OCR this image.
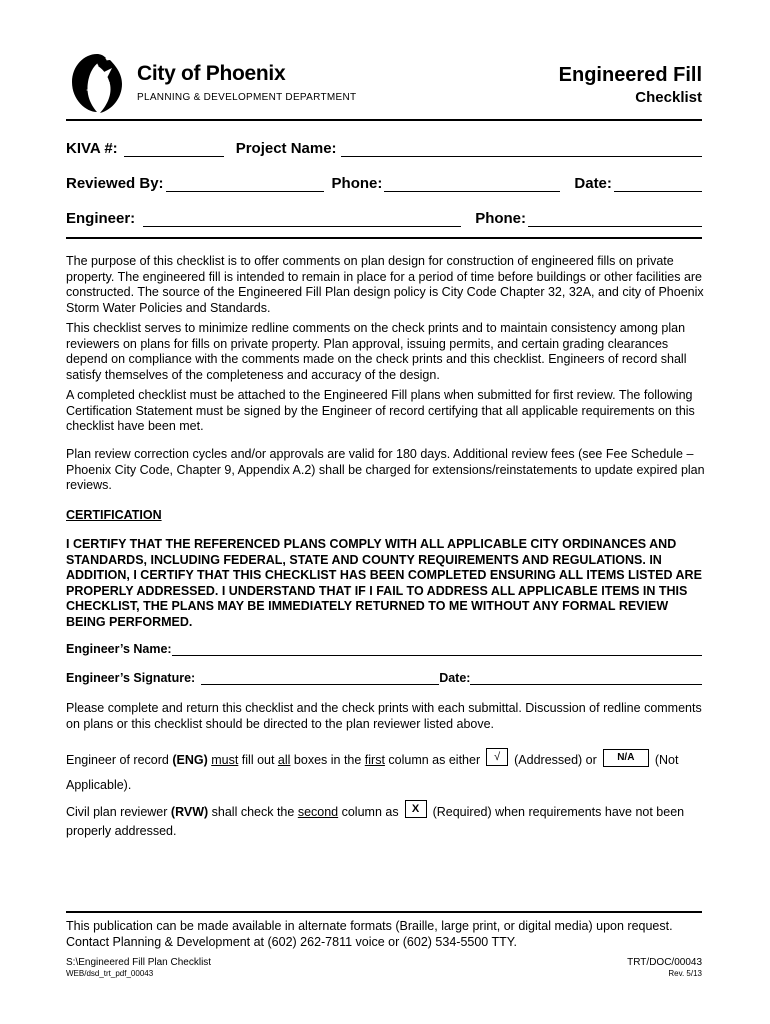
City of Phoenix
PLANNING & DEVELOPMENT DEPARTMENT
Engineered Fill
Checklist
KIVA #:	Project Name:
Reviewed By:	Phone:	Date:
Engineer:	Phone:
The purpose of this checklist is to offer comments on plan design for construction of engineered fills on private property. The engineered fill is intended to remain in place for a period of time before buildings or other facilities are constructed. The source of the Engineered Fill Plan design policy is City Code Chapter 32, 32A, and city of Phoenix Storm Water Policies and Standards.
This checklist serves to minimize redline comments on the check prints and to maintain consistency among plan reviewers on plans for fills on private property. Plan approval, issuing permits, and certain grading clearances depend on compliance with the comments made on the check prints and this checklist. Engineers of record shall satisfy themselves of the completeness and accuracy of the design.
A completed checklist must be attached to the Engineered Fill plans when submitted for first review. The following Certification Statement must be signed by the Engineer of record certifying that all applicable requirements on this checklist have been met.
Plan review correction cycles and/or approvals are valid for 180 days. Additional review fees (see Fee Schedule – Phoenix City Code, Chapter 9, Appendix A.2) shall be charged for extensions/reinstatements to update expired plan reviews.
CERTIFICATION
I CERTIFY THAT THE REFERENCED PLANS COMPLY WITH ALL APPLICABLE CITY ORDINANCES AND STANDARDS, INCLUDING FEDERAL, STATE AND COUNTY REQUIREMENTS AND REGULATIONS. IN ADDITION, I CERTIFY THAT THIS CHECKLIST HAS BEEN COMPLETED ENSURING ALL ITEMS LISTED ARE PROPERLY ADDRESSED. I UNDERSTAND THAT IF I FAIL TO ADDRESS ALL APPLICABLE ITEMS IN THIS CHECKLIST, THE PLANS MAY BE IMMEDIATELY RETURNED TO ME WITHOUT ANY FORMAL REVIEW BEING PERFORMED.
Engineer’s Name:
Engineer’s Signature:	Date:
Please complete and return this checklist and the check prints with each submittal. Discussion of redline comments on plans or this checklist should be directed to the plan reviewer listed above.
Engineer of record (ENG) must fill out all boxes in the first column as either √ (Addressed) or N/A (Not
Applicable).
Civil plan reviewer (RVW) shall check the second column as X (Required) when requirements have not been
properly addressed.
This publication can be made available in alternate formats (Braille, large print, or digital media) upon request. Contact Planning & Development at (602) 262-7811 voice or (602) 534-5500 TTY.
S:\Engineered Fill Plan Checklist
WEB/dsd_trt_pdf_00043
TRT/DOC/00043
Rev. 5/13
